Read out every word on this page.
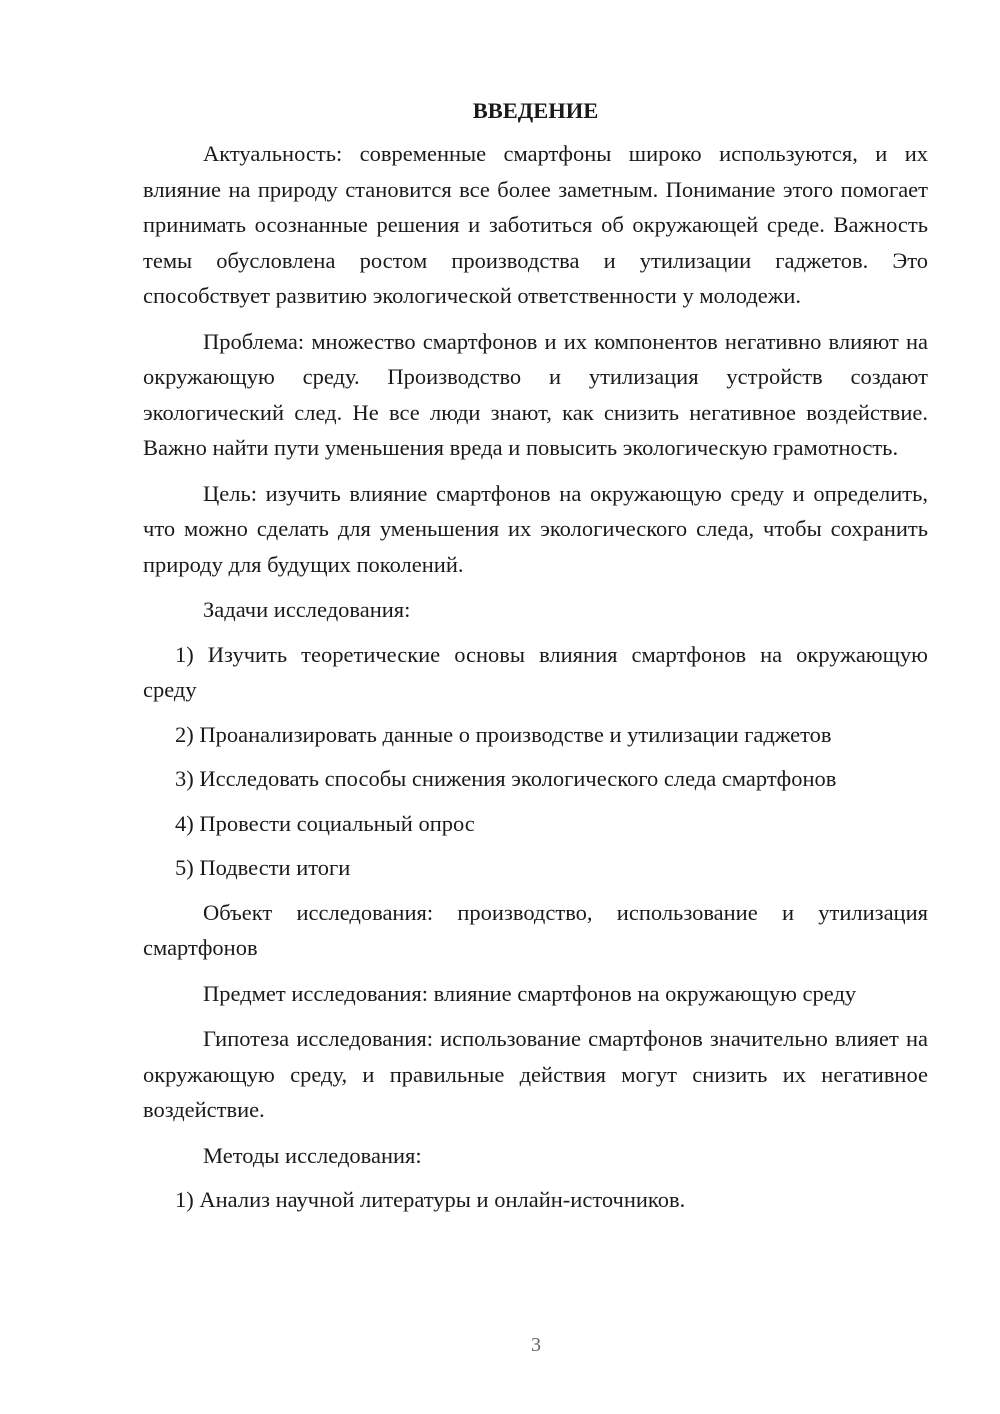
ВВЕДЕНИЕ

Актуальность: современные смартфоны широко используются, и их влияние на природу становится все более заметным. Понимание этого помогает принимать осознанные решения и заботиться об окружающей среде. Важность темы обусловлена ростом производства и утилизации гаджетов. Это способствует развитию экологической ответственности у молодежи.

Проблема: множество смартфонов и их компонентов негативно влияют на окружающую среду. Производство и утилизация устройств создают экологический след. Не все люди знают, как снизить негативное воздействие. Важно найти пути уменьшения вреда и повысить экологическую грамотность.

Цель: изучить влияние смартфонов на окружающую среду и определить, что можно сделать для уменьшения их экологического следа, чтобы сохранить природу для будущих поколений.

Задачи исследования:

1) Изучить теоретические основы влияния смартфонов на окружающую среду

2) Проанализировать данные о производстве и утилизации гаджетов

3) Исследовать способы снижения экологического следа смартфонов

4) Провести социальный опрос

5) Подвести итоги

Объект исследования: производство, использование и утилизация смартфонов

Предмет исследования: влияние смартфонов на окружающую среду

Гипотеза исследования: использование смартфонов значительно влияет на окружающую среду, и правильные действия могут снизить их негативное воздействие.

Методы исследования:

1) Анализ научной литературы и онлайн-источников.

3
